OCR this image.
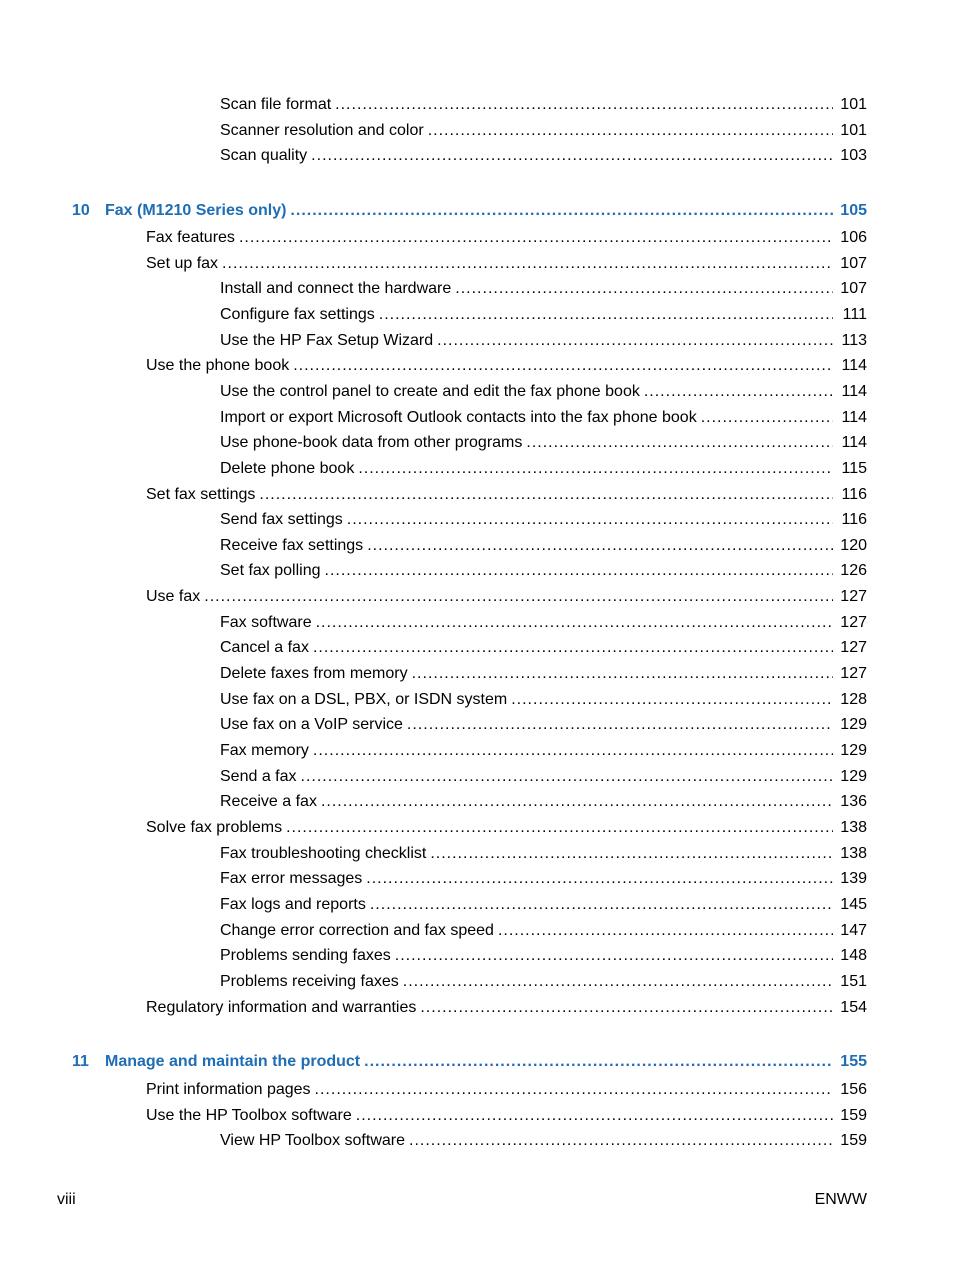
Scan file format .....	101
Scanner resolution and color .....	101
Scan quality .....	103
10 Fax (M1210 Series only) .....	105
Fax features .....	106
Set up fax .....	107
Install and connect the hardware .....	107
Configure fax settings .....	111
Use the HP Fax Setup Wizard .....	113
Use the phone book .....	114
Use the control panel to create and edit the fax phone book .....	114
Import or export Microsoft Outlook contacts into the fax phone book .....	114
Use phone-book data from other programs .....	114
Delete phone book .....	115
Set fax settings .....	116
Send fax settings .....	116
Receive fax settings .....	120
Set fax polling .....	126
Use fax .....	127
Fax software .....	127
Cancel a fax .....	127
Delete faxes from memory .....	127
Use fax on a DSL, PBX, or ISDN system .....	128
Use fax on a VoIP service .....	129
Fax memory .....	129
Send a fax .....	129
Receive a fax .....	136
Solve fax problems .....	138
Fax troubleshooting checklist .....	138
Fax error messages .....	139
Fax logs and reports .....	145
Change error correction and fax speed .....	147
Problems sending faxes .....	148
Problems receiving faxes .....	151
Regulatory information and warranties .....	154
11 Manage and maintain the product .....	155
Print information pages .....	156
Use the HP Toolbox software .....	159
View HP Toolbox software .....	159
viii	ENWW
